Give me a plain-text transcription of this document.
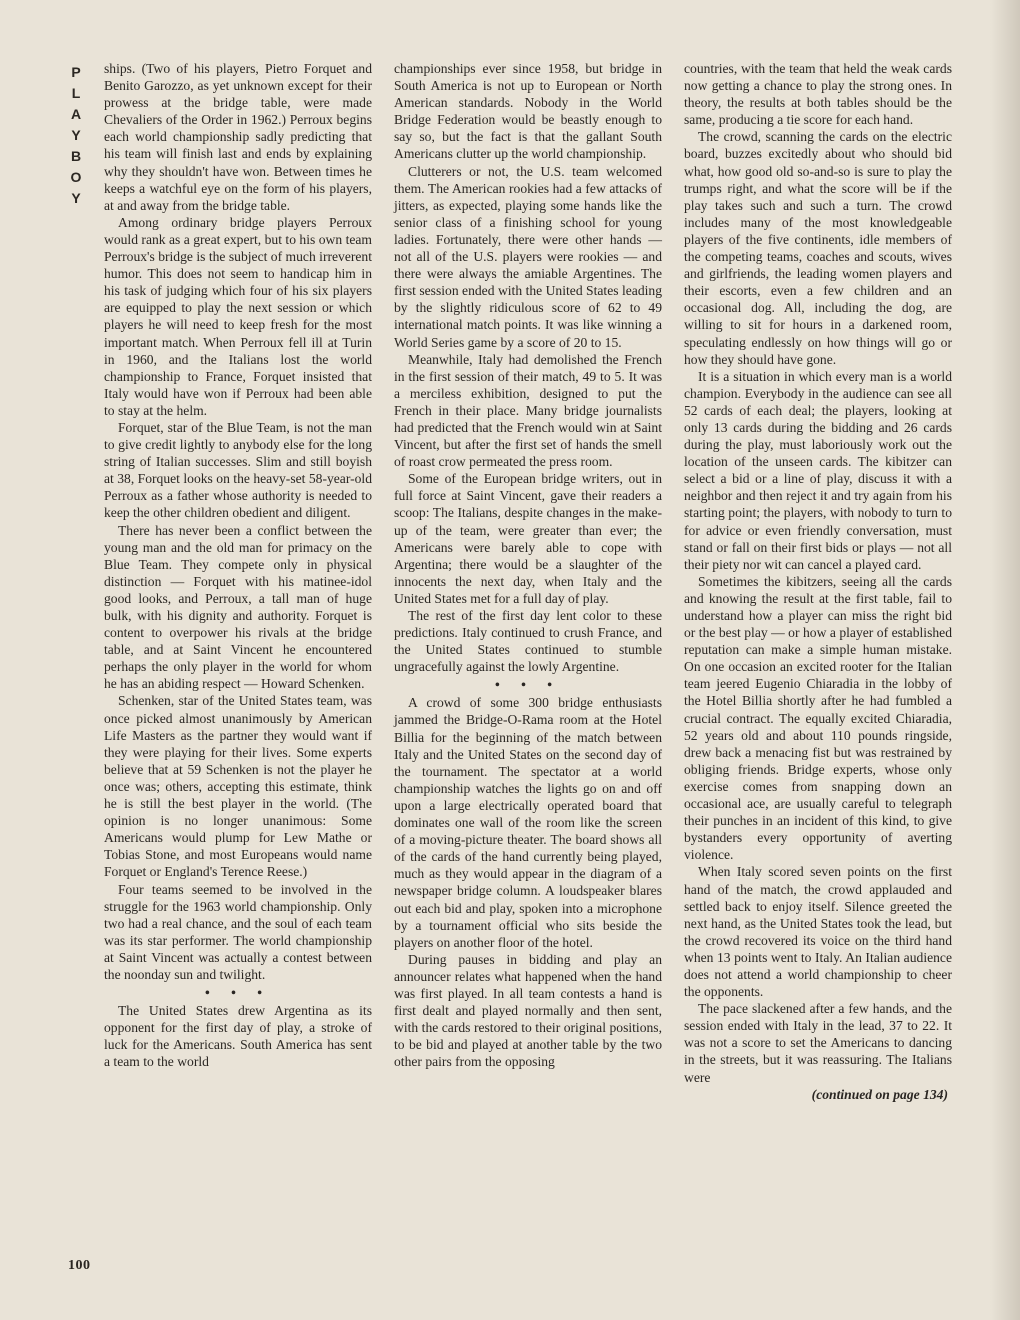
P
L
A
Y
B
O
Y

ships. (Two of his players, Pietro Forquet and Benito Garozzo, as yet unknown except for their prowess at the bridge table, were made Chevaliers of the Order in 1962.) Perroux begins each world championship sadly predicting that his team will finish last and ends by explaining why they shouldn't have won. Between times he keeps a watchful eye on the form of his players, at and away from the bridge table.

Among ordinary bridge players Perroux would rank as a great expert, but to his own team Perroux's bridge is the subject of much irreverent humor. This does not seem to handicap him in his task of judging which four of his six players are equipped to play the next session or which players he will need to keep fresh for the most important match. When Perroux fell ill at Turin in 1960, and the Italians lost the world championship to France, Forquet insisted that Italy would have won if Perroux had been able to stay at the helm.

Forquet, star of the Blue Team, is not the man to give credit lightly to anybody else for the long string of Italian successes. Slim and still boyish at 38, Forquet looks on the heavy-set 58-year-old Perroux as a father whose authority is needed to keep the other children obedient and diligent.

There has never been a conflict between the young man and the old man for primacy on the Blue Team. They compete only in physical distinction — Forquet with his matinee-idol good looks, and Perroux, a tall man of huge bulk, with his dignity and authority. Forquet is content to overpower his rivals at the bridge table, and at Saint Vincent he encountered perhaps the only player in the world for whom he has an abiding respect — Howard Schenken.

Schenken, star of the United States team, was once picked almost unanimously by American Life Masters as the partner they would want if they were playing for their lives. Some experts believe that at 59 Schenken is not the player he once was; others, accepting this estimate, think he is still the best player in the world. (The opinion is no longer unanimous: Some Americans would plump for Lew Mathe or Tobias Stone, and most Europeans would name Forquet or England's Terence Reese.)

Four teams seemed to be involved in the struggle for the 1963 world championship. Only two had a real chance, and the soul of each team was its star performer. The world championship at Saint Vincent was actually a contest between the noonday sun and twilight.

• • •

The United States drew Argentina as its opponent for the first day of play, a stroke of luck for the Americans. South America has sent a team to the world

championships ever since 1958, but bridge in South America is not up to European or North American standards. Nobody in the World Bridge Federation would be beastly enough to say so, but the fact is that the gallant South Americans clutter up the world championship.

Clutterers or not, the U.S. team welcomed them. The American rookies had a few attacks of jitters, as expected, playing some hands like the senior class of a finishing school for young ladies. Fortunately, there were other hands — not all of the U.S. players were rookies — and there were always the amiable Argentines. The first session ended with the United States leading by the slightly ridiculous score of 62 to 49 international match points. It was like winning a World Series game by a score of 20 to 15.

Meanwhile, Italy had demolished the French in the first session of their match, 49 to 5. It was a merciless exhibition, designed to put the French in their place. Many bridge journalists had predicted that the French would win at Saint Vincent, but after the first set of hands the smell of roast crow permeated the press room.

Some of the European bridge writers, out in full force at Saint Vincent, gave their readers a scoop: The Italians, despite changes in the make-up of the team, were greater than ever; the Americans were barely able to cope with Argentina; there would be a slaughter of the innocents the next day, when Italy and the United States met for a full day of play.

The rest of the first day lent color to these predictions. Italy continued to crush France, and the United States continued to stumble ungracefully against the lowly Argentine.

• • •

A crowd of some 300 bridge enthusiasts jammed the Bridge-O-Rama room at the Hotel Billia for the beginning of the match between Italy and the United States on the second day of the tournament. The spectator at a world championship watches the lights go on and off upon a large electrically operated board that dominates one wall of the room like the screen of a moving-picture theater. The board shows all of the cards of the hand currently being played, much as they would appear in the diagram of a newspaper bridge column. A loudspeaker blares out each bid and play, spoken into a microphone by a tournament official who sits beside the players on another floor of the hotel.

During pauses in bidding and play an announcer relates what happened when the hand was first played. In all team contests a hand is first dealt and played normally and then sent, with the cards restored to their original positions, to be bid and played at another table by the two other pairs from the opposing

countries, with the team that held the weak cards now getting a chance to play the strong ones. In theory, the results at both tables should be the same, producing a tie score for each hand.

The crowd, scanning the cards on the electric board, buzzes excitedly about who should bid what, how good old so-and-so is sure to play the trumps right, and what the score will be if the play takes such and such a turn. The crowd includes many of the most knowledgeable players of the five continents, idle members of the competing teams, coaches and scouts, wives and girlfriends, the leading women players and their escorts, even a few children and an occasional dog. All, including the dog, are willing to sit for hours in a darkened room, speculating endlessly on how things will go or how they should have gone.

It is a situation in which every man is a world champion. Everybody in the audience can see all 52 cards of each deal; the players, looking at only 13 cards during the bidding and 26 cards during the play, must laboriously work out the location of the unseen cards. The kibitzer can select a bid or a line of play, discuss it with a neighbor and then reject it and try again from his starting point; the players, with nobody to turn to for advice or even friendly conversation, must stand or fall on their first bids or plays — not all their piety nor wit can cancel a played card.

Sometimes the kibitzers, seeing all the cards and knowing the result at the first table, fail to understand how a player can miss the right bid or the best play — or how a player of established reputation can make a simple human mistake. On one occasion an excited rooter for the Italian team jeered Eugenio Chiaradia in the lobby of the Hotel Billia shortly after he had fumbled a crucial contract. The equally excited Chiaradia, 52 years old and about 110 pounds ringside, drew back a menacing fist but was restrained by obliging friends. Bridge experts, whose only exercise comes from snapping down an occasional ace, are usually careful to telegraph their punches in an incident of this kind, to give bystanders every opportunity of averting violence.

When Italy scored seven points on the first hand of the match, the crowd applauded and settled back to enjoy itself. Silence greeted the next hand, as the United States took the lead, but the crowd recovered its voice on the third hand when 13 points went to Italy. An Italian audience does not attend a world championship to cheer the opponents.

The pace slackened after a few hands, and the session ended with Italy in the lead, 37 to 22. It was not a score to set the Americans to dancing in the streets, but it was reassuring. The Italians were

(continued on page 134)
100
